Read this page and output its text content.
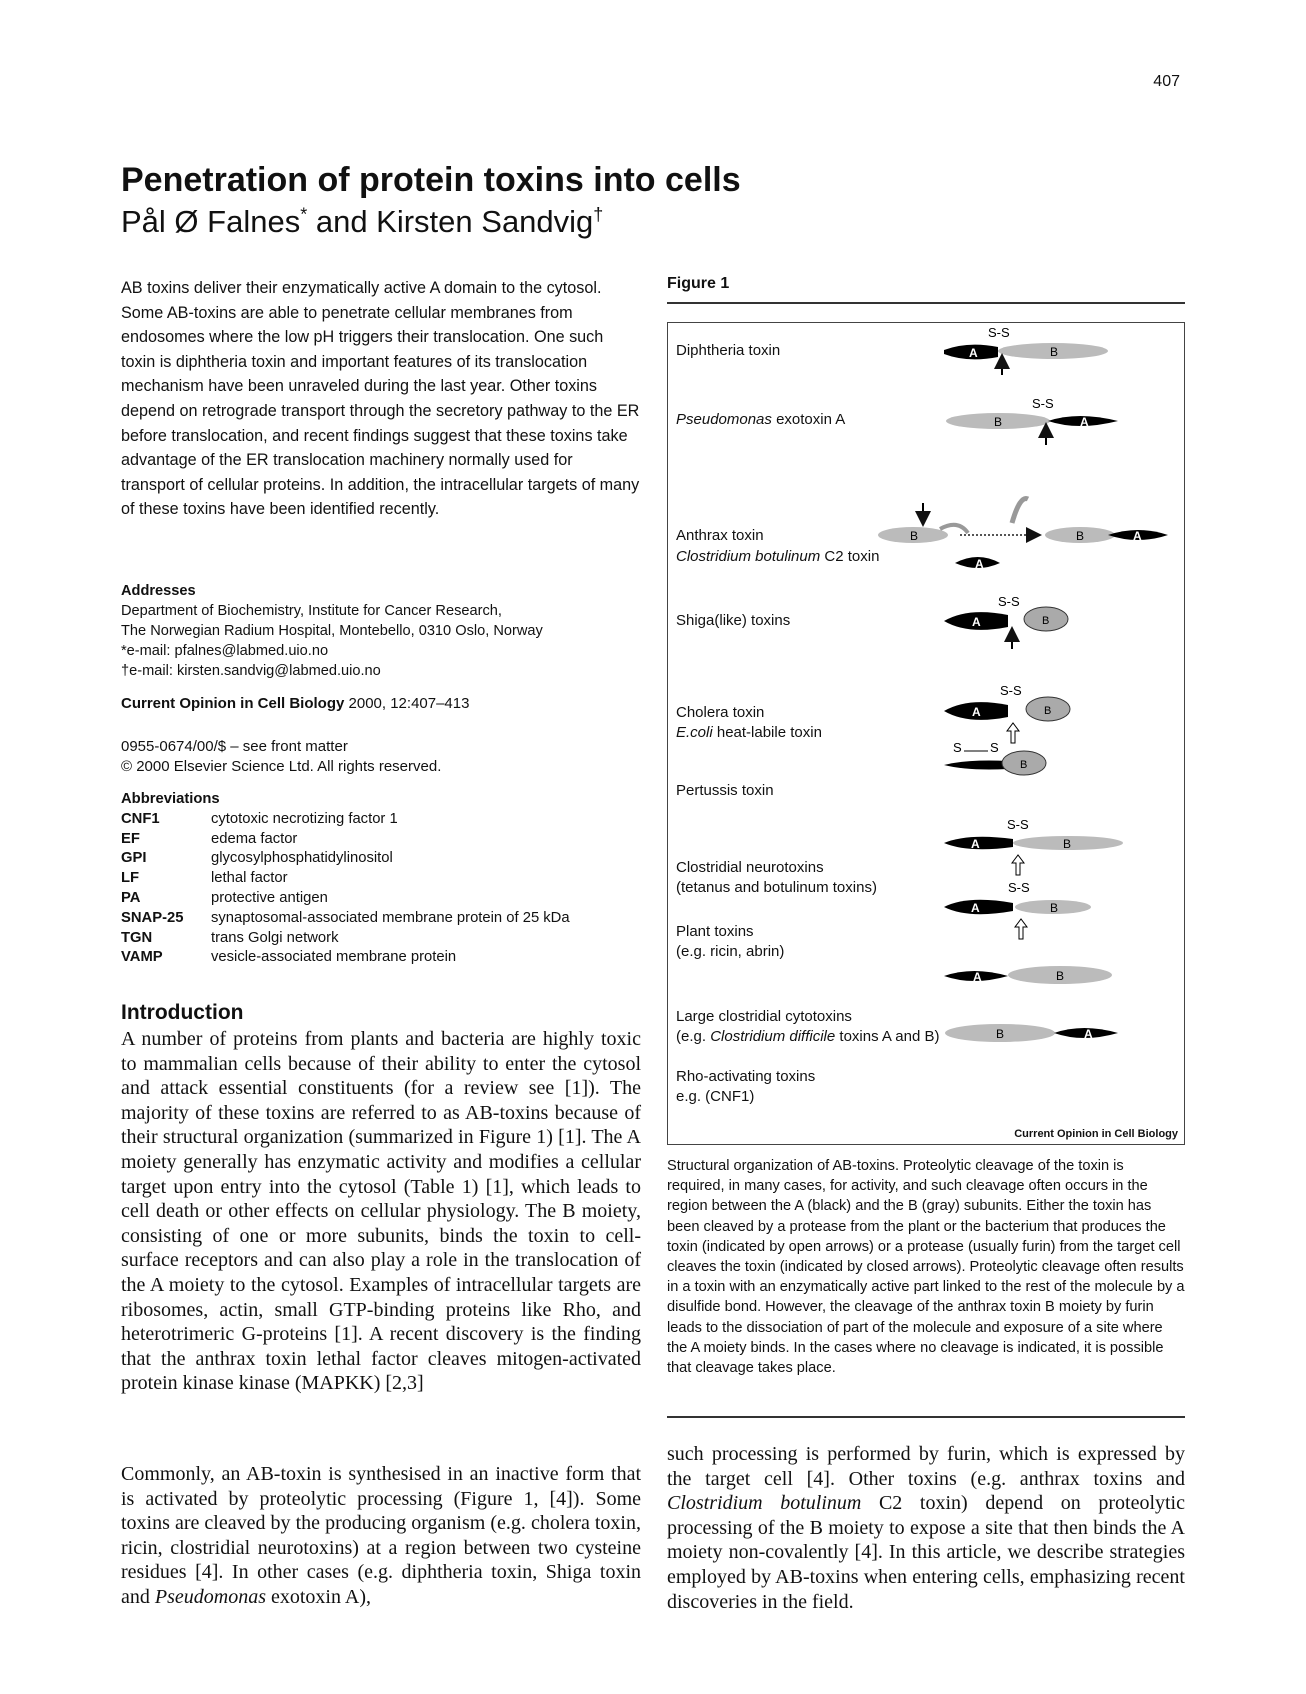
407
Penetration of protein toxins into cells
Pål Ø Falnes* and Kirsten Sandvig†

AB toxins deliver their enzymatically active A domain to the cytosol. Some AB-toxins are able to penetrate cellular membranes from endosomes where the low pH triggers their translocation. One such toxin is diphtheria toxin and important features of its translocation mechanism have been unraveled during the last year. Other toxins depend on retrograde transport through the secretory pathway to the ER before translocation, and recent findings suggest that these toxins take advantage of the ER translocation machinery normally used for transport of cellular proteins. In addition, the intracellular targets of many of these toxins have been identified recently.

Addresses
Department of Biochemistry, Institute for Cancer Research,
The Norwegian Radium Hospital, Montebello, 0310 Oslo, Norway
*e-mail: pfalnes@labmed.uio.no
†e-mail: kirsten.sandvig@labmed.uio.no
Current Opinion in Cell Biology 2000, 12:407–413
0955-0674/00/$ – see front matter
© 2000 Elsevier Science Ltd. All rights reserved.
Abbreviations
CNF1	cytotoxic necrotizing factor 1
EF	edema factor
GPI	glycosylphosphatidylinositol
LF	lethal factor
PA	protective antigen
SNAP-25	synaptosomal-associated membrane protein of 25 kDa
TGN	trans Golgi network
VAMP	vesicle-associated membrane protein
Introduction

A number of proteins from plants and bacteria are highly toxic to mammalian cells because of their ability to enter the cytosol and attack essential constituents (for a review see [1]). The majority of these toxins are referred to as AB-toxins because of their structural organization (summarized in Figure 1) [1]. The A moiety generally has enzymatic activity and modifies a cellular target upon entry into the cytosol (Table 1) [1], which leads to cell death or other effects on cellular physiology. The B moiety, consisting of one or more subunits, binds the toxin to cell-surface receptors and can also play a role in the translocation of the A moiety to the cytosol. Examples of intracellular targets are ribosomes, actin, small GTP-binding proteins like Rho, and heterotrimeric G-proteins [1]. A recent discovery is the finding that the anthrax toxin lethal factor cleaves mitogen-activated protein kinase kinase (MAPKK) [2,3]

Commonly, an AB-toxin is synthesised in an inactive form that is activated by proteolytic processing (Figure 1, [4]). Some toxins are cleaved by the producing organism (e.g. cholera toxin, ricin, clostridial neurotoxins) at a region between two cysteine residues [4]. In other cases (e.g. diphtheria toxin, Shiga toxin and Pseudomonas exotoxin A),

Figure 1
A	B
S-S
B	A
S-S
B	B	A
A
A	B
S-S
A	B
S-S
B
S S
A	B
S-S
A	B
S-S
A	B
B	A
Diphtheria toxin
Pseudomonas exotoxin A
Anthrax toxin
Clostridium botulinum C2 toxin
Shiga(like) toxins
Cholera toxin
E.coli heat-labile toxin
Pertussis toxin
Clostridial neurotoxins
(tetanus and botulinum toxins)
Plant toxins
(e.g. ricin, abrin)
Large clostridial cytotoxins
(e.g. Clostridium difficile toxins A and B)
Rho-activating toxins
e.g. (CNF1)
Current Opinion in Cell Biology

Structural organization of AB-toxins. Proteolytic cleavage of the toxin is required, in many cases, for activity, and such cleavage often occurs in the region between the A (black) and the B (gray) subunits. Either the toxin has been cleaved by a protease from the plant or the bacterium that produces the toxin (indicated by open arrows) or a protease (usually furin) from the target cell cleaves the toxin (indicated by closed arrows). Proteolytic cleavage often results in a toxin with an enzymatically active part linked to the rest of the molecule by a disulfide bond. However, the cleavage of the anthrax toxin B moiety by furin leads to the dissociation of part of the molecule and exposure of a site where the A moiety binds. In the cases where no cleavage is indicated, it is possible that cleavage takes place.

such processing is performed by furin, which is expressed by the target cell [4]. Other toxins (e.g. anthrax toxins and Clostridium botulinum C2 toxin) depend on proteolytic processing of the B moiety to expose a site that then binds the A moiety non-covalently [4]. In this article, we describe strategies employed by AB-toxins when entering cells, emphasizing recent discoveries in the field.
